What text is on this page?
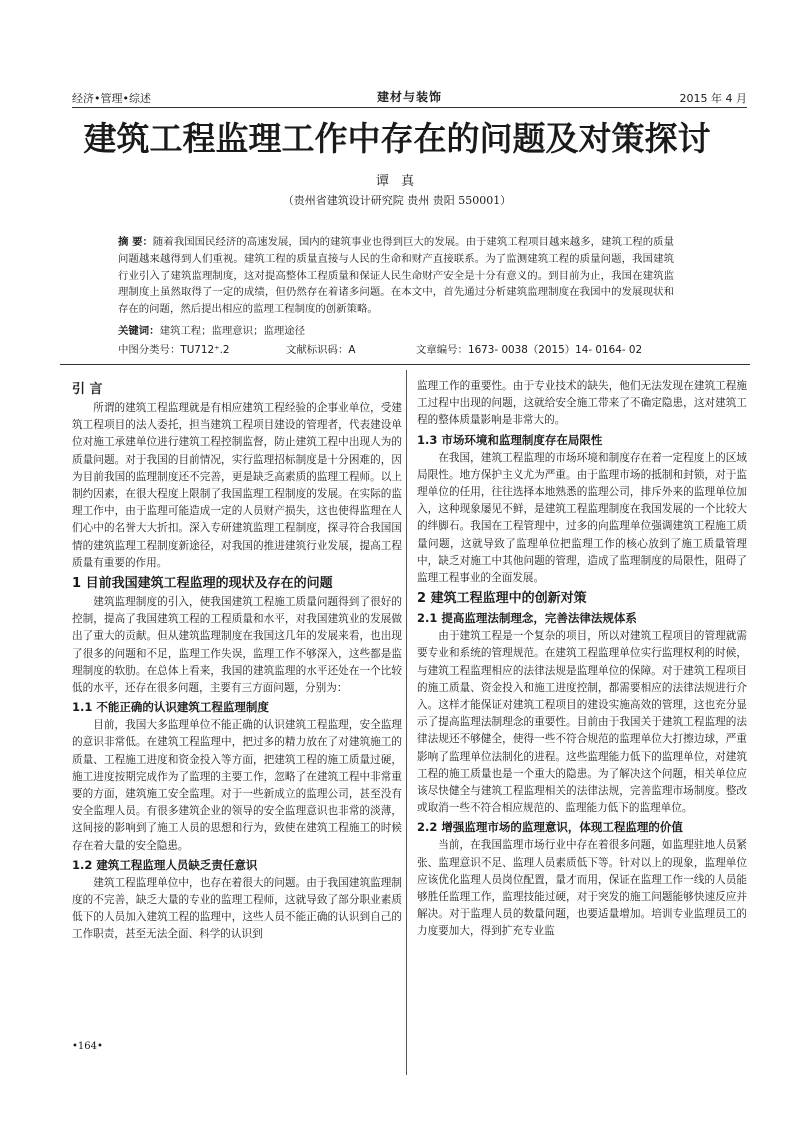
经济•管理•综述	建材与装饰	2015 年 4 月
建筑工程监理工作中存在的问题及对策探讨
谭 真
（贵州省建筑设计研究院 贵州 贵阳 550001）
摘 要：随着我国国民经济的高速发展，国内的建筑事业也得到巨大的发展。由于建筑工程项目越来越多，建筑工程的质量问题越来越得到人们重视。建筑工程的质量直接与人民的生命和财产直接联系。为了监测建筑工程的质量问题，我国建筑行业引入了建筑监理制度，这对提高整体工程质量和保证人民生命财产安全是十分有意义的。到目前为止，我国在建筑监理制度上虽然取得了一定的成绩，但仍然存在着诸多问题。在本文中，首先通过分析建筑监理制度在我国中的发展现状和存在的问题，然后提出相应的监理工程制度的创新策略。
关键词：建筑工程；监理意识；监理途径
中图分类号：TU712⁺.2	文献标识码：A	文章编号：1673- 0038（2015）14- 0164- 02
引 言

所谓的建筑工程监理就是有相应建筑工程经验的企事业单位，受建筑工程项目的法人委托，担当建筑工程项目建设的管理者，代表建设单位对施工承建单位进行建筑工程控制监督，防止建筑工程中出现人为的质量问题。对于我国的目前情况，实行监理招标制度是十分困难的，因为目前我国的监理制度还不完善，更是缺乏高素质的监理工程师。以上制约因素，在很大程度上限制了我国监理工程制度的发展。在实际的监理工作中，由于监理可能造成一定的人员财产损失，这也使得监理在人们心中的名誉大大折扣。深入专研建筑监理工程制度，探寻符合我国国情的建筑监理工程制度新途径，对我国的推进建筑行业发展，提高工程质量有重要的作用。

1 目前我国建筑工程监理的现状及存在的问题

建筑监理制度的引入，使我国建筑工程施工质量问题得到了很好的控制，提高了我国建筑工程的工程质量和水平，对我国建筑业的发展做出了重大的贡献。但从建筑监理制度在我国这几年的发展来看，也出现了很多的问题和不足，监理工作失误，监理工作不够深入，这些都是监理制度的软肋。在总体上看来，我国的建筑监理的水平还处在一个比较低的水平，还存在很多问题，主要有三方面问题，分别为：

1.1 不能正确的认识建筑工程监理制度

目前，我国大多监理单位不能正确的认识建筑工程监理，安全监理的意识非常低。在建筑工程监理中，把过多的精力放在了对建筑施工的质量、工程施工进度和资金投入等方面，把建筑工程的施工质量过硬，施工进度按期完成作为了监理的主要工作，忽略了在建筑工程中非常重要的方面，建筑施工安全监理。对于一些新成立的监理公司，甚至没有安全监理人员。有很多建筑企业的领导的安全监理意识也非常的淡薄，这间接的影响到了施工人员的思想和行为，致使在建筑工程施工的时候存在着大量的安全隐患。

1.2 建筑工程监理人员缺乏责任意识

建筑工程监理单位中，也存在着很大的问题。由于我国建筑监理制度的不完善，缺乏大量的专业的监理工程师，这就导致了部分职业素质低下的人员加入建筑工程的监理中，这些人员不能正确的认识到自己的工作职责，甚至无法全面、科学的认识到

监理工作的重要性。由于专业技术的缺失，他们无法发现在建筑工程施工过程中出现的问题，这就给安全施工带来了不确定隐患，这对建筑工程的整体质量影响是非常大的。

1.3 市场环境和监理制度存在局限性

在我国，建筑工程监理的市场环境和制度存在着一定程度上的区域局限性。地方保护主义尤为严重。由于监理市场的抵制和封锁，对于监理单位的任用，往往选择本地熟悉的监理公司，排斥外来的监理单位加入，这种现象屡见不鲜，是建筑工程监理制度在我国发展的一个比较大的绊脚石。我国在工程管理中，过多的向监理单位强调建筑工程施工质量问题，这就导致了监理单位把监理工作的核心放到了施工质量管理中，缺乏对施工中其他问题的管理，造成了监理制度的局限性，阻碍了监理工程事业的全面发展。

2 建筑工程监理中的创新对策
2.1 提高监理法制理念，完善法律法规体系

由于建筑工程是一个复杂的项目，所以对建筑工程项目的管理就需要专业和系统的管理规范。在建筑工程监理单位实行监理权利的时候，与建筑工程监理相应的法律法规是监理单位的保障。对于建筑工程项目的施工质量、资金投入和施工进度控制，都需要相应的法律法规进行介入。这样才能保证对建筑工程项目的建设实施高效的管理，这也充分显示了提高监理法制理念的重要性。目前由于我国关于建筑工程监理的法律法规还不够健全，使得一些不符合规范的监理单位大打擦边球，严重影响了监理单位法制化的进程。这些监理能力低下的监理单位，对建筑工程的施工质量也是一个重大的隐患。为了解决这个问题，相关单位应该尽快健全与建筑工程监理相关的法律法规，完善监理市场制度。整改或取消一些不符合相应规范的、监理能力低下的监理单位。

2.2 增强监理市场的监理意识，体现工程监理的价值

当前，在我国监理市场行业中存在着很多问题，如监理驻地人员紧张、监理意识不足、监理人员素质低下等。针对以上的现象，监理单位应该优化监理人员岗位配置，量才而用，保证在监理工作一线的人员能够胜任监理工作，监理技能过硬，对于突发的施工问题能够快速反应并解决。对于监理人员的数量问题，也要适量增加。培训专业监理员工的力度要加大，得到扩充专业监

•164•
